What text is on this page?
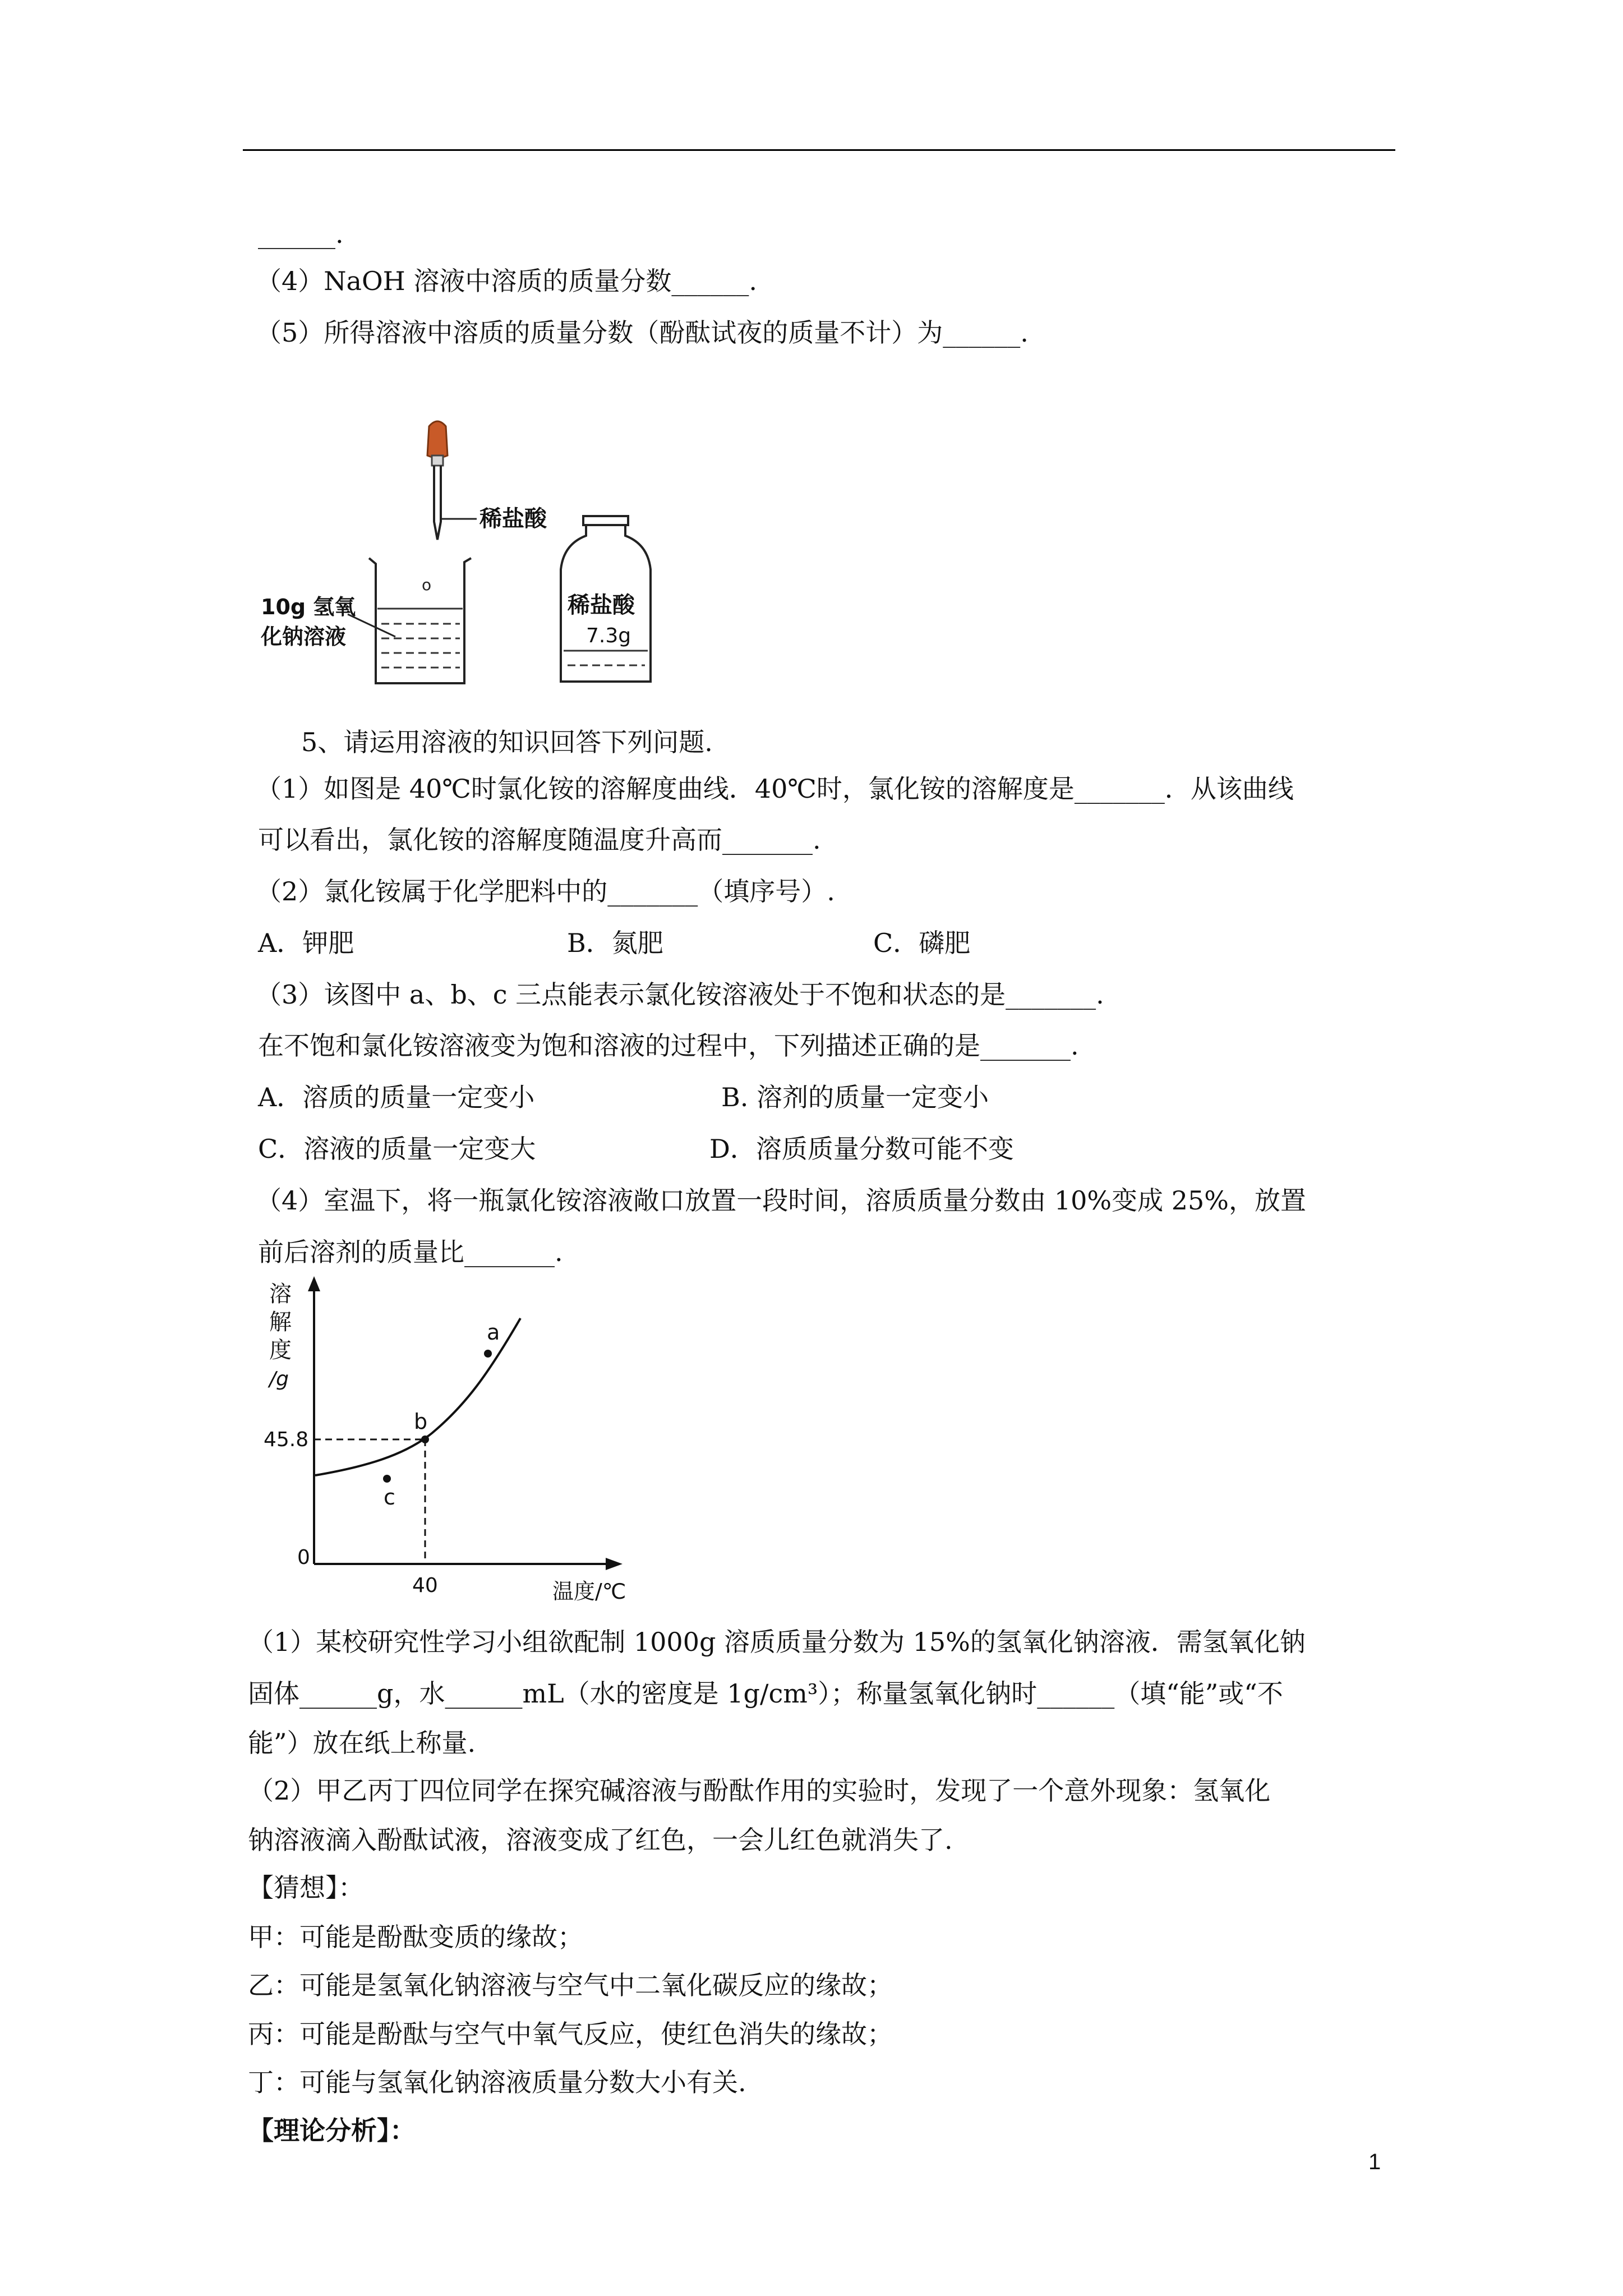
______.
（4）NaOH 溶液中溶质的质量分数______.
（5）所得溶液中溶质的质量分数（酚酞试夜的质量不计）为______.
稀盐酸
o
10g 氢氧
化钠溶液
稀盐酸
7.3g
5、请运用溶液的知识回答下列问题.
（1）如图是 40℃时氯化铵的溶解度曲线．40℃时，氯化铵的溶解度是_______．从该曲线
可以看出，氯化铵的溶解度随温度升高而_______.
（2）氯化铵属于化学肥料中的_______（填序号）.
A．钾肥	B．氮肥	C．磷肥
（3）该图中 a、b、c 三点能表示氯化铵溶液处于不饱和状态的是_______.
在不饱和氯化铵溶液变为饱和溶液的过程中，下列描述正确的是_______.
A．溶质的质量一定变小	B. 溶剂的质量一定变小
C．溶液的质量一定变大	D．溶质质量分数可能不变
（4）室温下，将一瓶氯化铵溶液敞口放置一段时间，溶质质量分数由 10%变成 25%，放置
前后溶剂的质量比_______.
溶
解
度
/g
45.8
0
40	温度/℃
a
b
c
（1）某校研究性学习小组欲配制 1000g 溶质质量分数为 15%的氢氧化钠溶液．需氢氧化钠
固体______g，水______mL（水的密度是 1g/cm³）；称量氢氧化钠时______（填“能”或“不
能”）放在纸上称量.
（2）甲乙丙丁四位同学在探究碱溶液与酚酞作用的实验时，发现了一个意外现象：氢氧化
钠溶液滴入酚酞试液，溶液变成了红色，一会儿红色就消失了.
【猜想】：
甲：可能是酚酞变质的缘故；
乙：可能是氢氧化钠溶液与空气中二氧化碳反应的缘故；
丙：可能是酚酞与空气中氧气反应，使红色消失的缘故；
丁：可能与氢氧化钠溶液质量分数大小有关.
【理论分析】：
1
